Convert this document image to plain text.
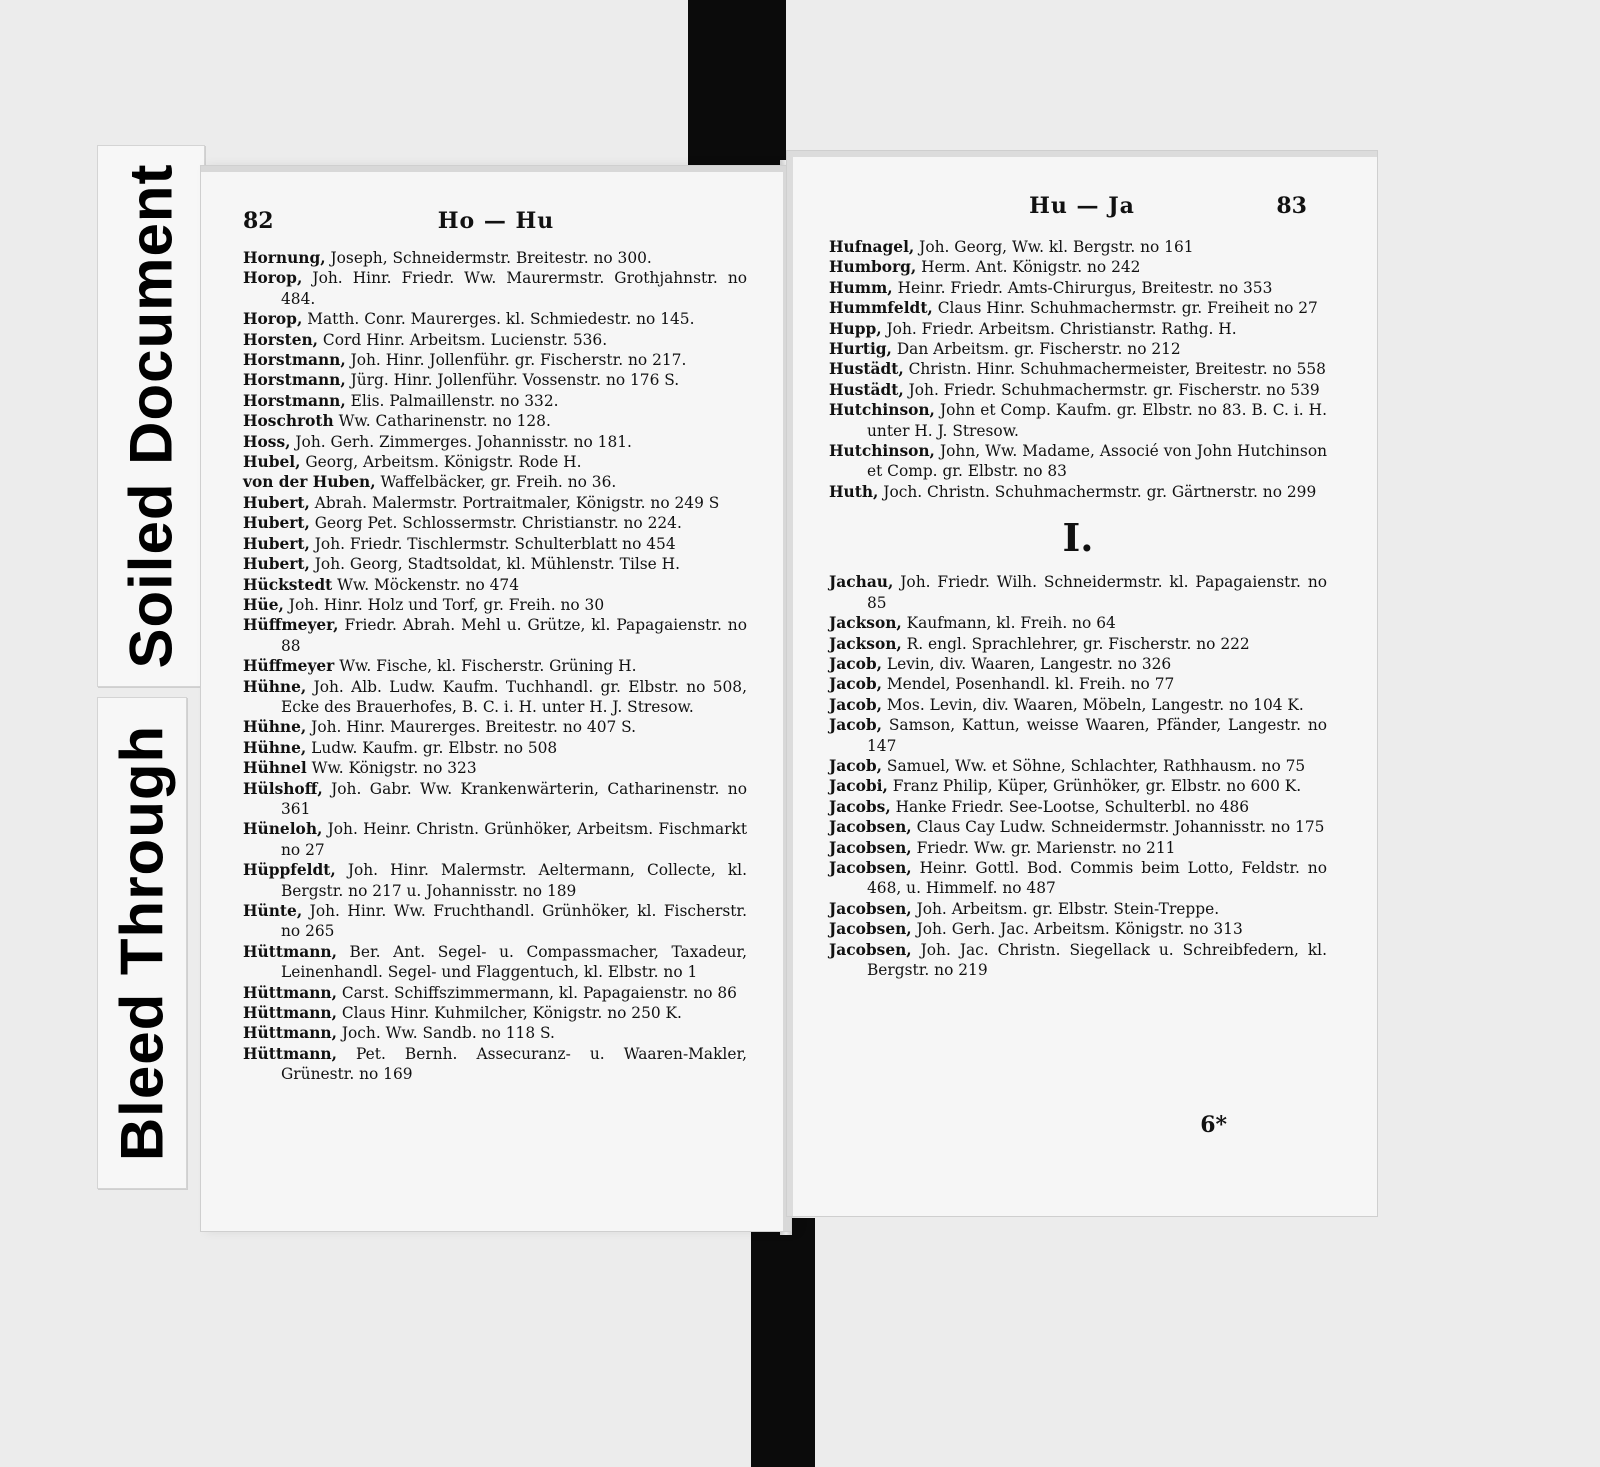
Soiled Document
Bleed Through
Ho — Hu
82
Hornung, Joseph, Schneidermstr. Breitestr. no 300.
Horop, Joh. Hinr. Friedr. Ww. Maurermstr. Grothjahnstr. no 484.
Horop, Matth. Conr. Maurerges. kl. Schmiedestr. no 145.
Horsten, Cord Hinr. Arbeitsm. Lucienstr. 536.
Horstmann, Joh. Hinr. Jollenführ. gr. Fischerstr. no 217.
Horstmann, Jürg. Hinr. Jollenführ. Vossenstr. no 176 S.
Horstmann, Elis. Palmaillenstr. no 332.
Hoschroth Ww. Catharinenstr. no 128.
Hoss, Joh. Gerh. Zimmerges. Johannisstr. no 181.
Hubel, Georg, Arbeitsm. Königstr. Rode H.
von der Huben, Waffelbäcker, gr. Freih. no 36.
Hubert, Abrah. Malermstr. Portraitmaler, Königstr. no 249 S
Hubert, Georg Pet. Schlossermstr. Christianstr. no 224.
Hubert, Joh. Friedr. Tischlermstr. Schulterblatt no 454
Hubert, Joh. Georg, Stadtsoldat, kl. Mühlenstr. Tilse H.
Hückstedt Ww. Möckenstr. no 474
Hüe, Joh. Hinr. Holz und Torf, gr. Freih. no 30
Hüffmeyer, Friedr. Abrah. Mehl u. Grütze, kl. Papagaienstr. no 88
Hüffmeyer Ww. Fische, kl. Fischerstr. Grüning H.
Hühne, Joh. Alb. Ludw. Kaufm. Tuchhandl. gr. Elbstr. no 508, Ecke des Brauerhofes, B. C. i. H. unter H. J. Stresow.
Hühne, Joh. Hinr. Maurerges. Breitestr. no 407 S.
Hühne, Ludw. Kaufm. gr. Elbstr. no 508
Hühnel Ww. Königstr. no 323
Hülshoff, Joh. Gabr. Ww. Krankenwärterin, Catharinenstr. no 361
Hüneloh, Joh. Heinr. Christn. Grünhöker, Arbeitsm. Fischmarkt no 27
Hüppfeldt, Joh. Hinr. Malermstr. Aeltermann, Collecte, kl. Bergstr. no 217 u. Johannisstr. no 189
Hünte, Joh. Hinr. Ww. Fruchthandl. Grünhöker, kl. Fischerstr. no 265
Hüttmann, Ber. Ant. Segel- u. Compassmacher, Taxadeur, Leinenhandl. Segel- und Flaggentuch, kl. Elbstr. no 1
Hüttmann, Carst. Schiffszimmermann, kl. Papagaienstr. no 86
Hüttmann, Claus Hinr. Kuhmilcher, Königstr. no 250 K.
Hüttmann, Joch. Ww. Sandb. no 118 S.
Hüttmann, Pet. Bernh. Assecuranz- u. Waaren-Makler, Grünestr. no 169
Hu — Ja	83
Hufnagel, Joh. Georg, Ww. kl. Bergstr. no 161
Humborg, Herm. Ant. Königstr. no 242
Humm, Heinr. Friedr. Amts-Chirurgus, Breitestr. no 353
Hummfeldt, Claus Hinr. Schuhmachermstr. gr. Freiheit no 27
Hupp, Joh. Friedr. Arbeitsm. Christianstr. Rathg. H.
Hurtig, Dan Arbeitsm. gr. Fischerstr. no 212
Hustädt, Christn. Hinr. Schuhmachermeister, Breitestr. no 558
Hustädt, Joh. Friedr. Schuhmachermstr. gr. Fischerstr. no 539
Hutchinson, John et Comp. Kaufm. gr. Elbstr. no 83. B. C. i. H. unter H. J. Stresow.
Hutchinson, John, Ww. Madame, Associé von John Hutchinson et Comp. gr. Elbstr. no 83
Huth, Joch. Christn. Schuhmachermstr. gr. Gärtnerstr. no 299
I.
Jachau, Joh. Friedr. Wilh. Schneidermstr. kl. Papagaienstr. no 85
Jackson, Kaufmann, kl. Freih. no 64
Jackson, R. engl. Sprachlehrer, gr. Fischerstr. no 222
Jacob, Levin, div. Waaren, Langestr. no 326
Jacob, Mendel, Posenhandl. kl. Freih. no 77
Jacob, Mos. Levin, div. Waaren, Möbeln, Langestr. no 104 K.
Jacob, Samson, Kattun, weisse Waaren, Pfänder, Langestr. no 147
Jacob, Samuel, Ww. et Söhne, Schlachter, Rathhausm. no 75
Jacobi, Franz Philip, Küper, Grünhöker, gr. Elbstr. no 600 K.
Jacobs, Hanke Friedr. See-Lootse, Schulterbl. no 486
Jacobsen, Claus Cay Ludw. Schneidermstr. Johannisstr. no 175
Jacobsen, Friedr. Ww. gr. Marienstr. no 211
Jacobsen, Heinr. Gottl. Bod. Commis beim Lotto, Feldstr. no 468, u. Himmelf. no 487
Jacobsen, Joh. Arbeitsm. gr. Elbstr. Stein-Treppe.
Jacobsen, Joh. Gerh. Jac. Arbeitsm. Königstr. no 313
Jacobsen, Joh. Jac. Christn. Siegellack u. Schreibfedern, kl. Bergstr. no 219
6*
